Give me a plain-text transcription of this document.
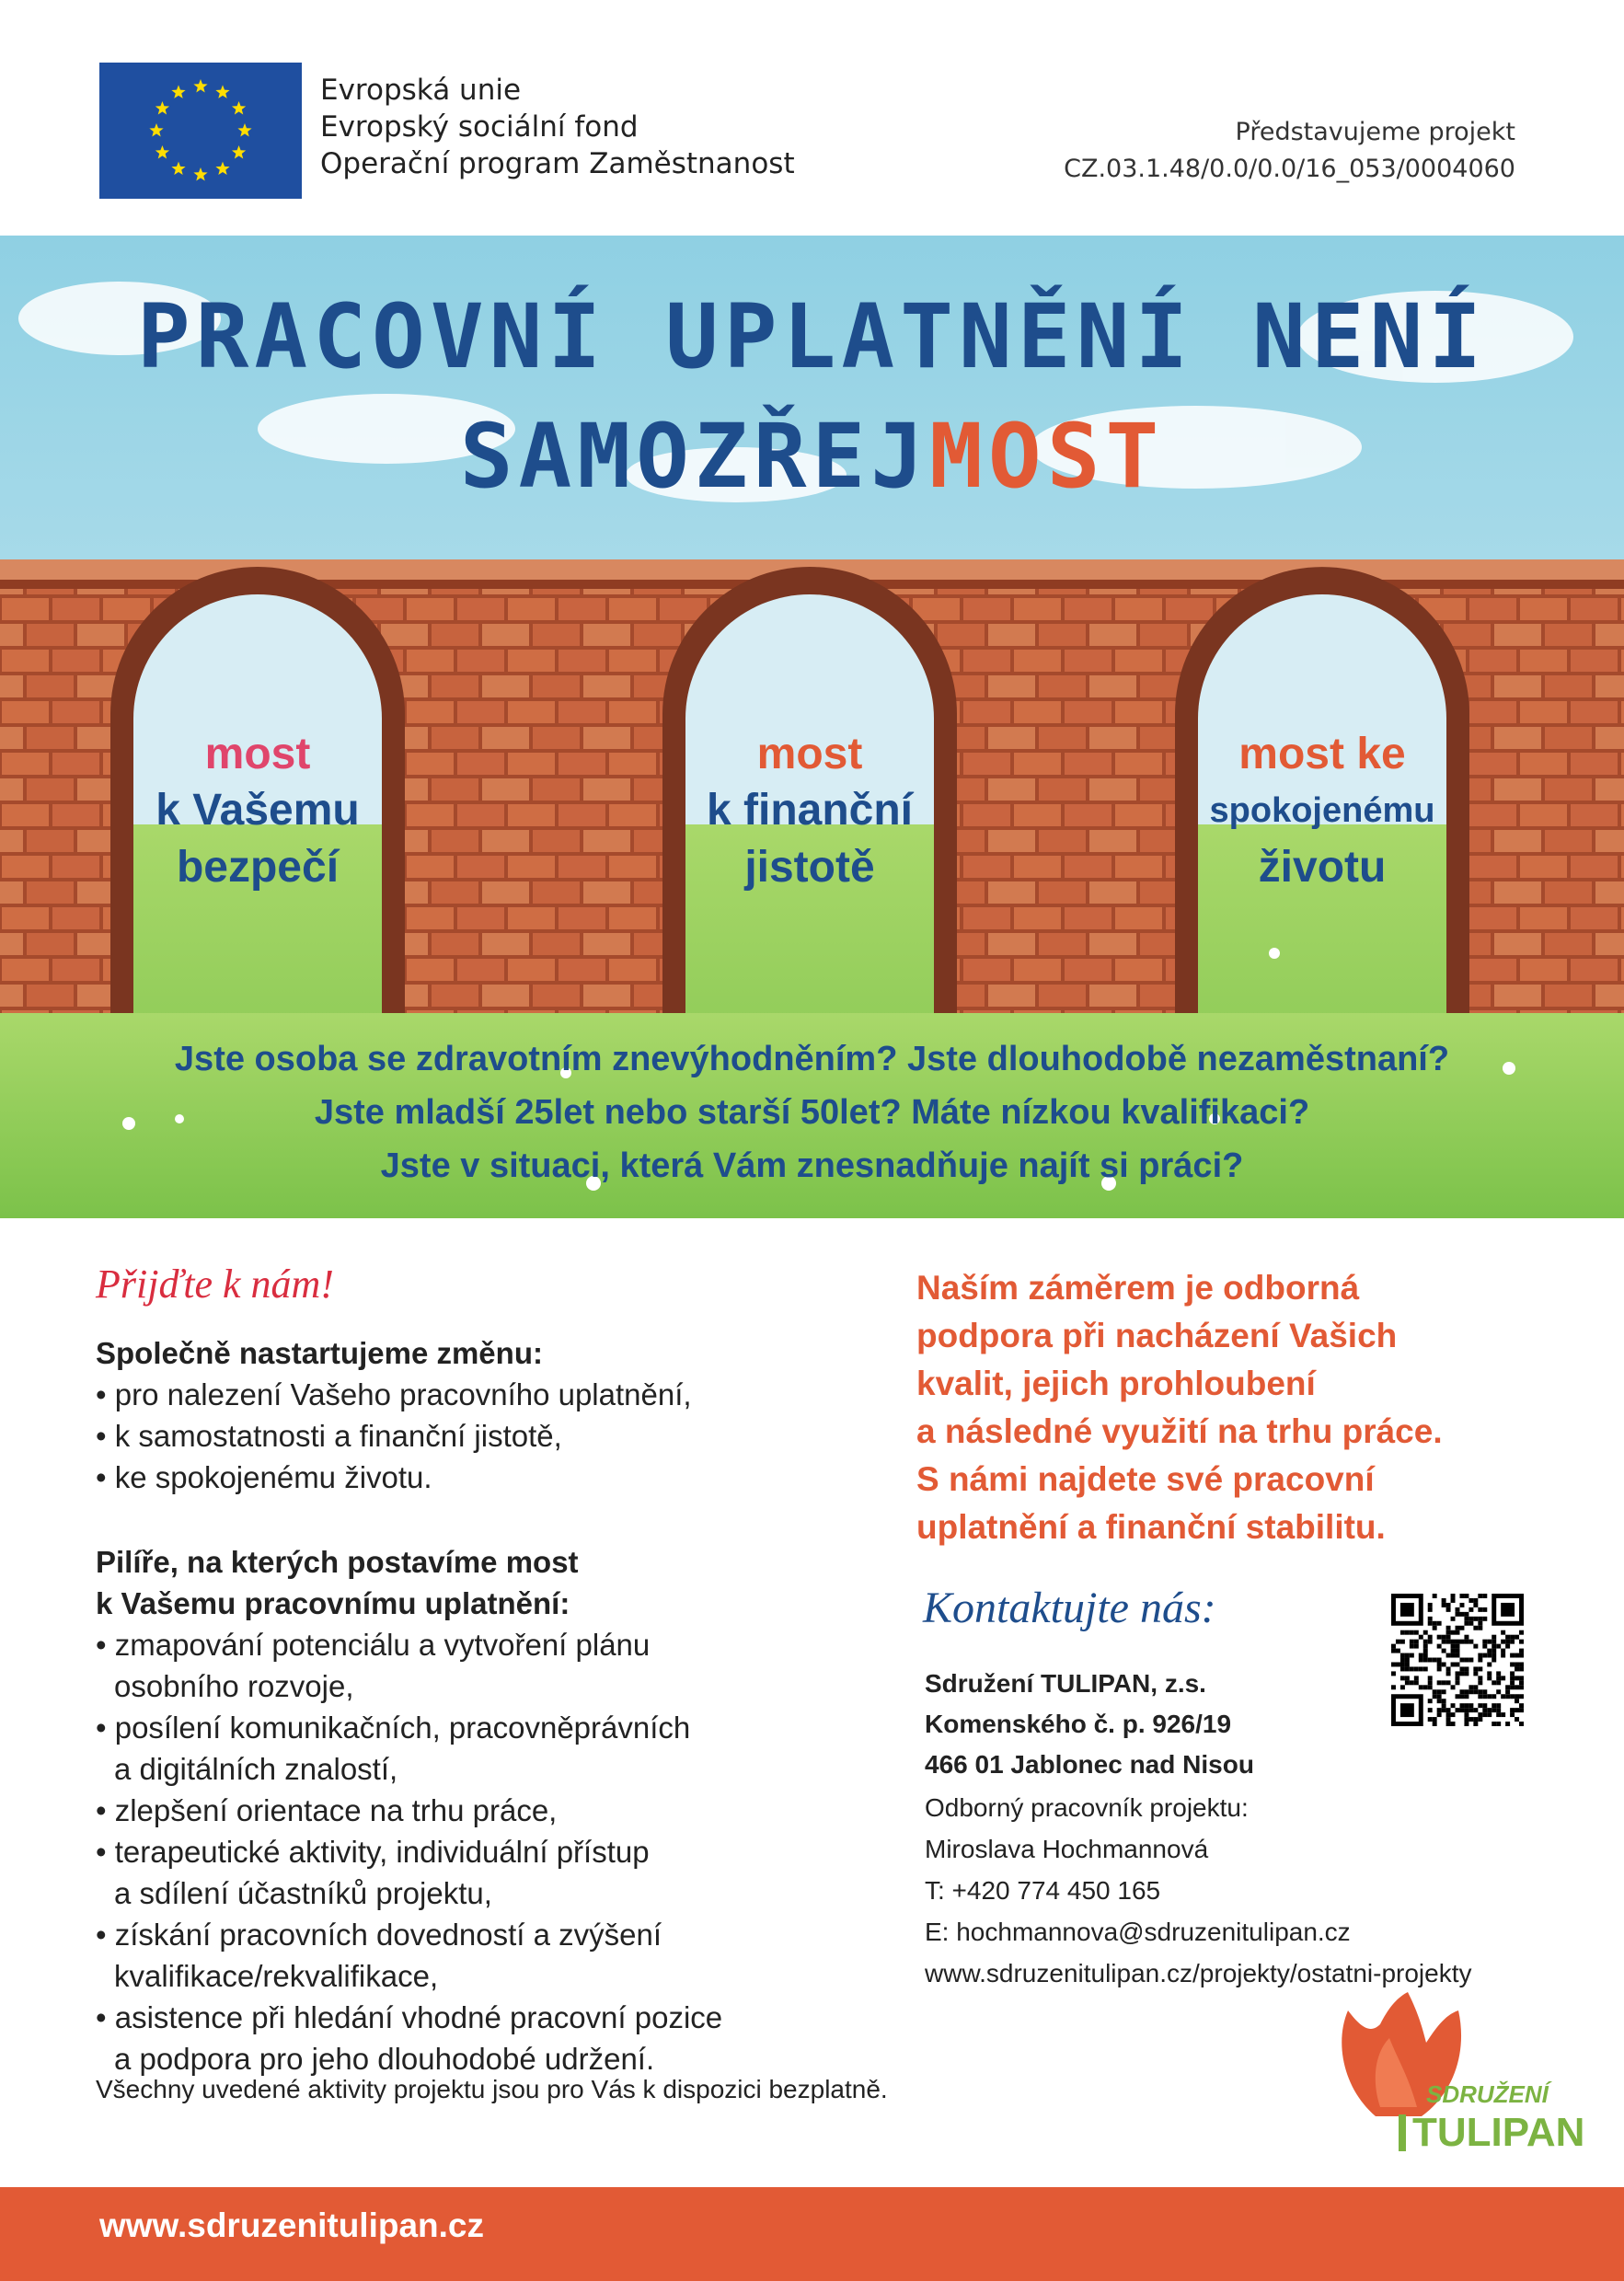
Evropská unie
Evropský sociální fond
Operační program Zaměstnanost
Představujeme projekt
CZ.03.1.48/0.0/0.0/16_053/0004060
PRACOVNÍ UPLATNĚNÍ NENÍ
SAMOZŘEJMOST
most
k Vašemu
bezpečí
most
k finanční
jistotě
most ke
spokojenému
životu
Jste osoba se zdravotním znevýhodněním? Jste dlouhodobě nezaměstnaní?
Jste mladší 25let nebo starší 50let? Máte nízkou kvalifikaci?
Jste v situaci, která Vám znesnadňuje najít si práci?
Přijďte k nám!
Společně nastartujeme změnu:
• pro nalezení Vašeho pracovního uplatnění,
• k samostatnosti a finanční jistotě,
• ke spokojenému životu.
Pilíře, na kterých postavíme most
k Vašemu pracovnímu uplatnění:
• zmapování potenciálu a vytvoření plánu
osobního rozvoje,
• posílení komunikačních, pracovněprávních
a digitálních znalostí,
• zlepšení orientace na trhu práce,
• terapeutické aktivity, individuální přístup
a sdílení účastníků projektu,
• získání pracovních dovedností a zvýšení
kvalifikace/rekvalifikace,
• asistence při hledání vhodné pracovní pozice
a podpora pro jeho dlouhodobé udržení.
Všechny uvedené aktivity projektu jsou pro Vás k dispozici bezplatně.
Naším záměrem je odborná
podpora při nacházení Vašich
kvalit, jejich prohloubení
a následné využití na trhu práce.
S námi najdete své pracovní
uplatnění a finanční stabilitu.
Kontaktujte nás:
Sdružení TULIPAN, z.s.
Komenského č. p. 926/19
466 01 Jablonec nad Nisou
Odborný pracovník projektu:
Miroslava Hochmannová
T: +420 774 450 165
E: hochmannova@sdruzenitulipan.cz
www.sdruzenitulipan.cz/projekty/ostatni-projekty
SDRUŽENÍ
TULIPAN
www.sdruzenitulipan.cz
